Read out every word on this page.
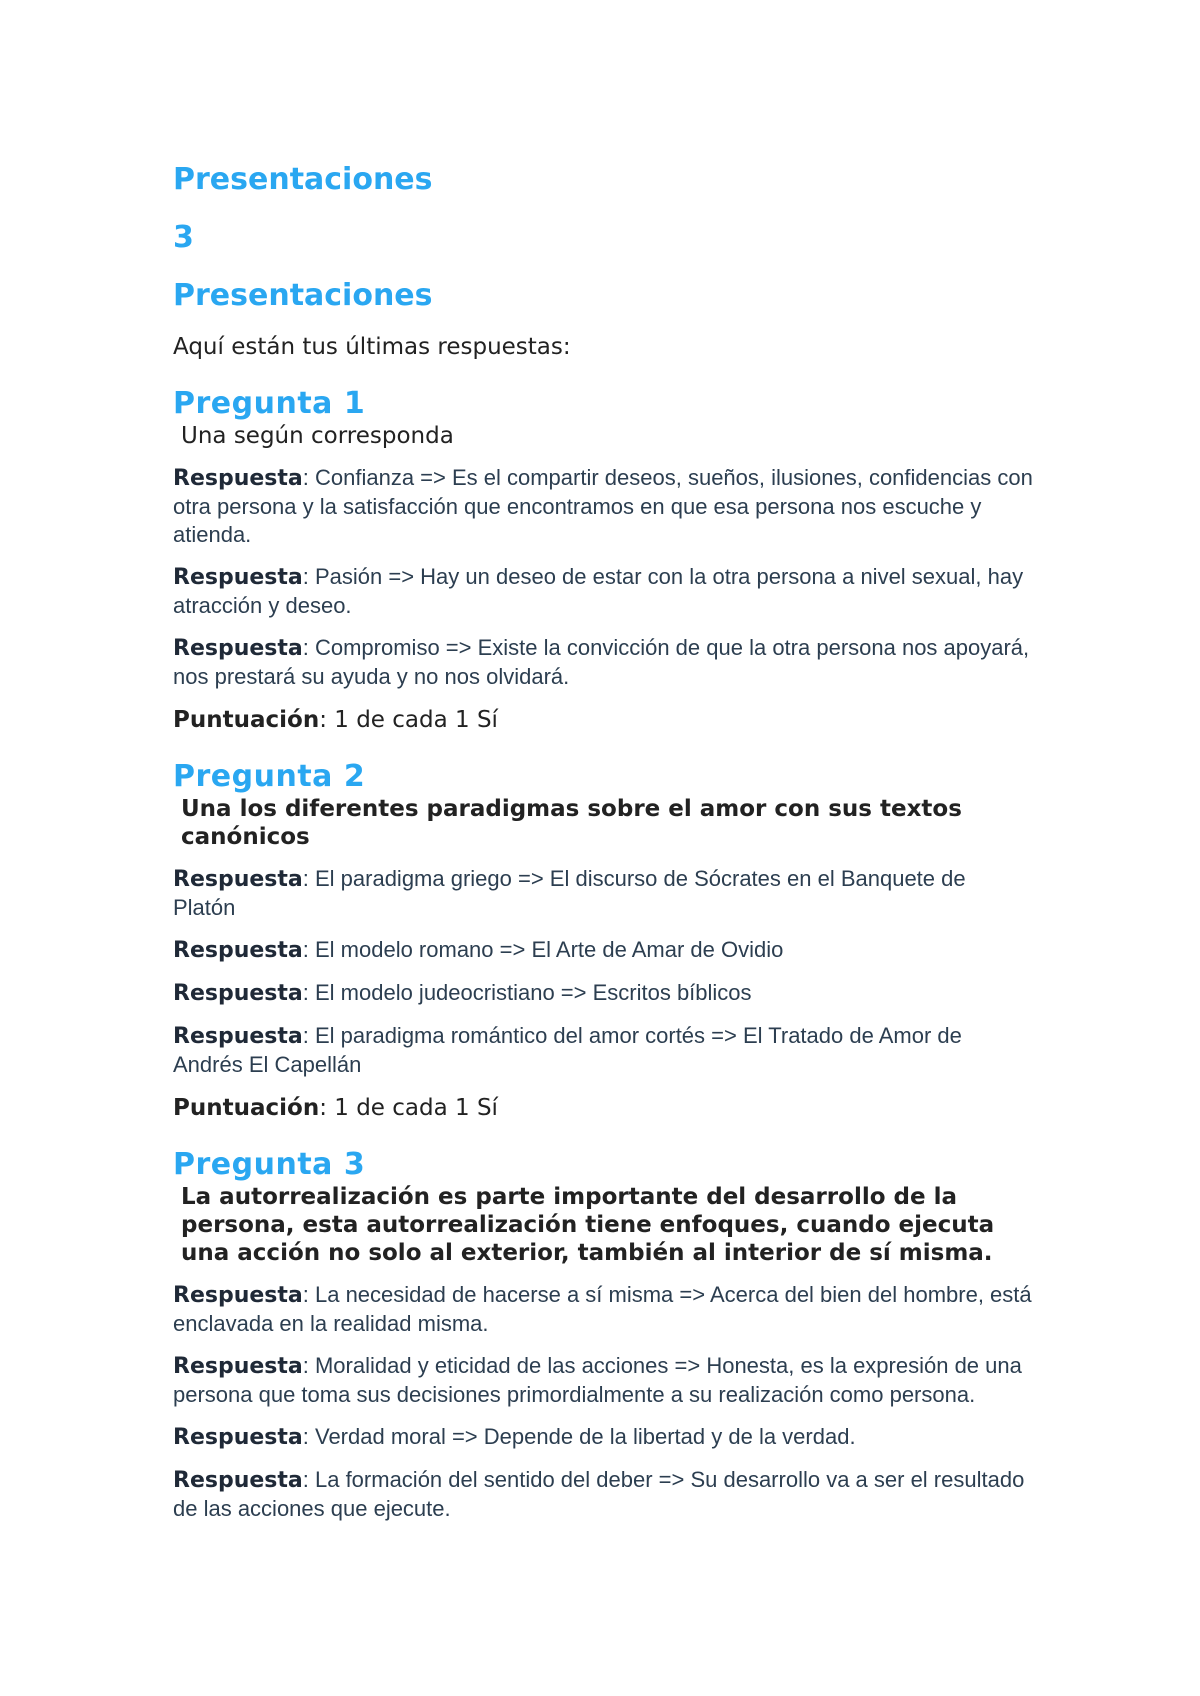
Presentaciones
3
Presentaciones
Aquí están tus últimas respuestas:
Pregunta 1

Una según corresponda

Respuesta: Confianza => Es el compartir deseos, sueños, ilusiones, confidencias con otra persona y la satisfacción que encontramos en que esa persona nos escuche y atienda.

Respuesta: Pasión => Hay un deseo de estar con la otra persona a nivel sexual, hay atracción y deseo.

Respuesta: Compromiso => Existe la convicción de que la otra persona nos apoyará, nos prestará su ayuda y no nos olvidará.

Puntuación: 1 de cada 1 Sí

Pregunta 2

Una los diferentes paradigmas sobre el amor con sus textos canónicos

Respuesta: El paradigma griego => El discurso de Sócrates en el Banquete de Platón

Respuesta: El modelo romano => El Arte de Amar de Ovidio

Respuesta: El modelo judeocristiano => Escritos bíblicos

Respuesta: El paradigma romántico del amor cortés => El Tratado de Amor de Andrés El Capellán

Puntuación: 1 de cada 1 Sí

Pregunta 3

La autorrealización es parte importante del desarrollo de la persona, esta autorrealización tiene enfoques, cuando ejecuta una acción no solo al exterior, también al interior de sí misma.

Respuesta: La necesidad de hacerse a sí misma => Acerca del bien del hombre, está enclavada en la realidad misma.

Respuesta: Moralidad y eticidad de las acciones => Honesta, es la expresión de una persona que toma sus decisiones primordialmente a su realización como persona.

Respuesta: Verdad moral => Depende de la libertad y de la verdad.

Respuesta: La formación del sentido del deber => Su desarrollo va a ser el resultado de las acciones que ejecute.
